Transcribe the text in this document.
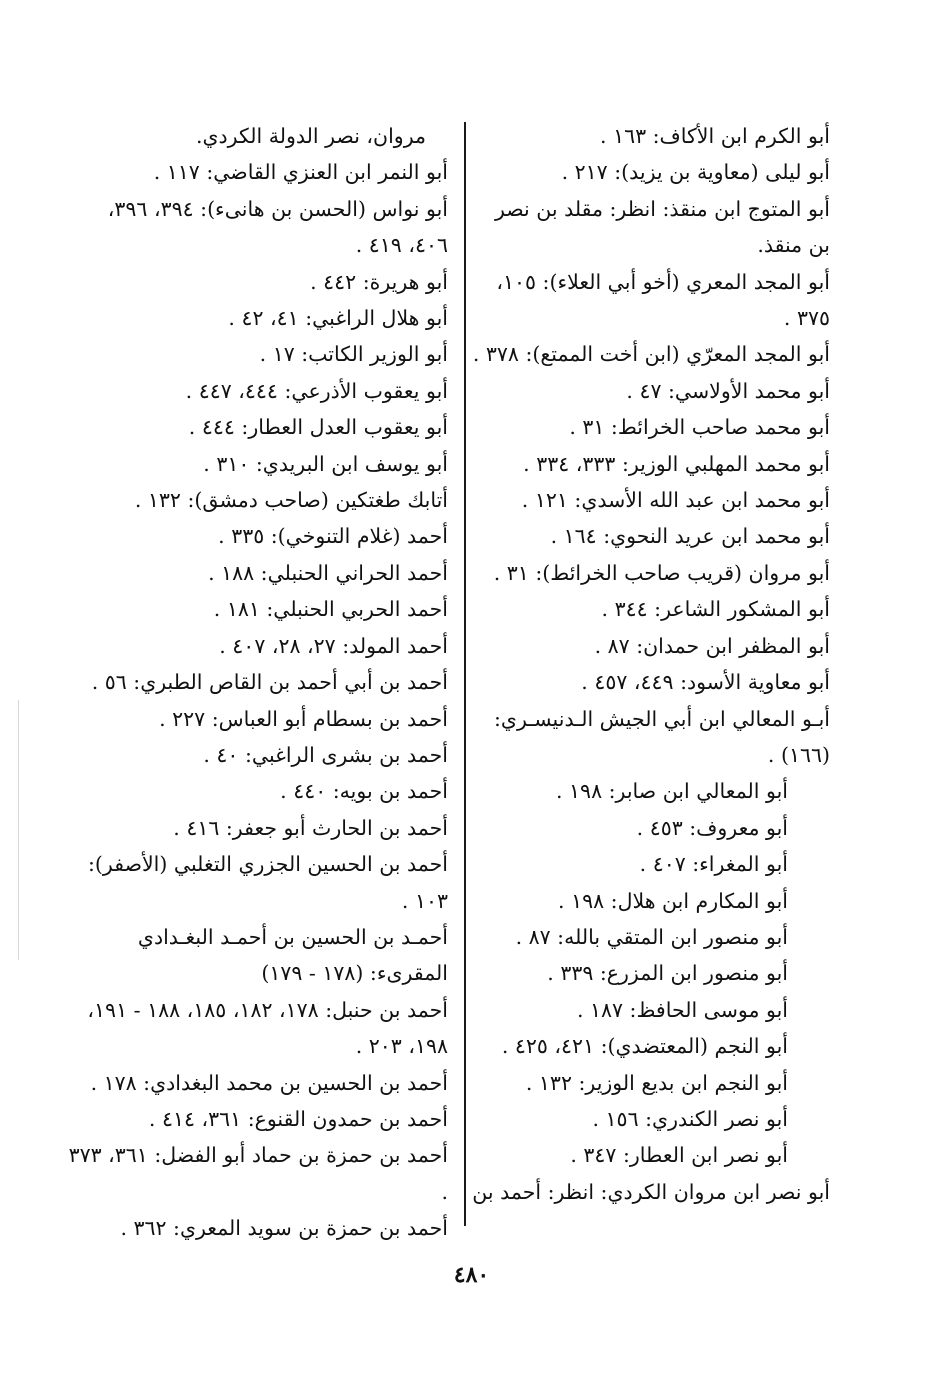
أبو الكرم ابن الأكاف: ١٦٣ .
أبو ليلى (معاوية بن يزيد): ٢١٧ .
أبو المتوج ابن منقذ: انظر: مقلد بن نصر بن منقذ.
أبو المجد المعري (أخو أبي العلاء): ١٠٥، ٣٧٥ .
أبو المجد المعرّي (ابن أخت الممتع): ٣٧٨ .
أبو محمد الأولاسي: ٤٧ .
أبو محمد صاحب الخرائط: ٣١ .
أبو محمد المهلبي الوزير: ٣٣٣، ٣٣٤ .
أبو محمد ابن عبد الله الأسدي: ١٢١ .
أبو محمد ابن عريد النحوي: ١٦٤ .
أبو مروان (قريب صاحب الخرائط): ٣١ .
أبو المشكور الشاعر: ٣٤٤ .
أبو المظفر ابن حمدان: ٨٧ .
أبو معاوية الأسود: ٤٤٩، ٤٥٧ .
أبـو المعالي ابن أبي الجيش الـدنيسـري: (١٦٦) .
أبو المعالي ابن صابر: ١٩٨ .
أبو معروف: ٤٥٣ .
أبو المغراء: ٤٠٧ .
أبو المكارم ابن هلال: ١٩٨ .
أبو منصور ابن المتقي بالله: ٨٧ .
أبو منصور ابن المزرع: ٣٣٩ .
أبو موسى الحافظ: ١٨٧ .
أبو النجم (المعتضدي): ٤٢١، ٤٢٥ .
أبو النجم ابن بديع الوزير: ١٣٢ .
أبو نصر الكندري: ١٥٦ .
أبو نصر ابن العطار: ٣٤٧ .
أبو نصر ابن مروان الكردي: انظر: أحمد بن
مروان، نصر الدولة الكردي.
أبو النمر ابن العنزي القاضي: ١١٧ .
أبو نواس (الحسن بن هانىء): ٣٩٤، ٣٩٦، ٤٠٦، ٤١٩ .
أبو هريرة: ٤٤٢ .
أبو هلال الراغبي: ٤١، ٤٢ .
أبو الوزير الكاتب: ١٧ .
أبو يعقوب الأذرعي: ٤٤٤، ٤٤٧ .
أبو يعقوب العدل العطار: ٤٤٤ .
أبو يوسف ابن البريدي: ٣١٠ .
أتابك طغتكين (صاحب دمشق): ١٣٢ .
أحمد (غلام التنوخي): ٣٣٥ .
أحمد الحراني الحنبلي: ١٨٨ .
أحمد الحربي الحنبلي: ١٨١ .
أحمد المولد: ٢٧، ٢٨، ٤٠٧ .
أحمد بن أبي أحمد بن القاص الطبري: ٥٦ .
أحمد بن بسطام أبو العباس: ٢٢٧ .
أحمد بن بشرى الراغبي: ٤٠ .
أحمد بن بويه: ٤٤٠ .
أحمد بن الحارث أبو جعفر: ٤١٦ .
أحمد بن الحسين الجزري التغلبي (الأصفر): ١٠٣ .
أحمـد بن الحسين بن أحمـد البغـدادي المقرىء: (١٧٨ - ١٧٩)
أحمد بن حنبل: ١٧٨، ١٨٢، ١٨٥، ١٨٨ - ١٩١، ١٩٨، ٢٠٣ .
أحمد بن الحسين بن محمد البغدادي: ١٧٨ .
أحمد بن حمدون القنوع: ٣٦١، ٤١٤ .
أحمد بن حمزة بن حماد أبو الفضل: ٣٦١، ٣٧٣ .
أحمد بن حمزة بن سويد المعري: ٣٦٢ .
٤٨٠
